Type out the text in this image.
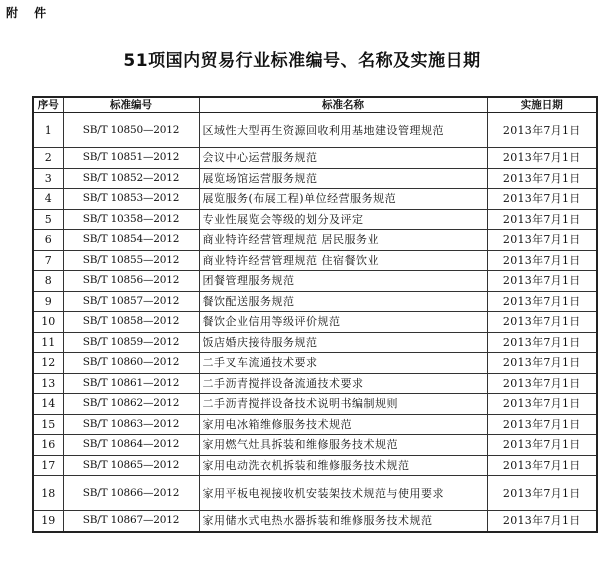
附 件
51项国内贸易行业标准编号、名称及实施日期
序号	标准编号	标准名称	实施日期
1	SB/T 10850—2012	区域性大型再生资源回收利用基地建设管理规范	2013年7月1日
2	SB/T 10851—2012	会议中心运营服务规范	2013年7月1日
3	SB/T 10852—2012	展览场馆运营服务规范	2013年7月1日
4	SB/T 10853—2012	展览服务(布展工程)单位经营服务规范	2013年7月1日
5	SB/T 10358—2012	专业性展览会等级的划分及评定	2013年7月1日
6	SB/T 10854—2012	商业特许经营管理规范 居民服务业	2013年7月1日
7	SB/T 10855—2012	商业特许经营管理规范 住宿餐饮业	2013年7月1日
8	SB/T 10856—2012	团餐管理服务规范	2013年7月1日
9	SB/T 10857—2012	餐饮配送服务规范	2013年7月1日
10	SB/T 10858—2012	餐饮企业信用等级评价规范	2013年7月1日
11	SB/T 10859—2012	饭店婚庆接待服务规范	2013年7月1日
12	SB/T 10860—2012	二手叉车流通技术要求	2013年7月1日
13	SB/T 10861—2012	二手沥青搅拌设备流通技术要求	2013年7月1日
14	SB/T 10862—2012	二手沥青搅拌设备技术说明书编制规则	2013年7月1日
15	SB/T 10863—2012	家用电冰箱维修服务技术规范	2013年7月1日
16	SB/T 10864—2012	家用燃气灶具拆装和维修服务技术规范	2013年7月1日
17	SB/T 10865—2012	家用电动洗衣机拆装和维修服务技术规范	2013年7月1日
18	SB/T 10866—2012	家用平板电视接收机安装架技术规范与使用要求	2013年7月1日
19	SB/T 10867—2012	家用储水式电热水器拆装和维修服务技术规范	2013年7月1日
